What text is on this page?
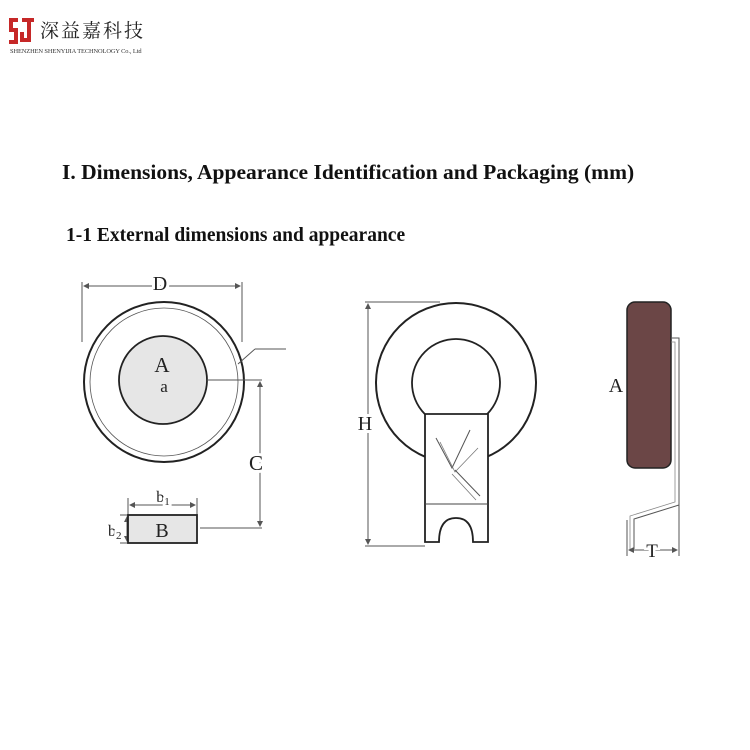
深益嘉科技
SHENZHEN SHENYIJIA TECHNOLOGY Co., Ltd
I. Dimensions, Appearance Identification and Packaging (mm)
1-1 External dimensions and appearance
D
A
a
C
b1
b2 B
H
A
T
